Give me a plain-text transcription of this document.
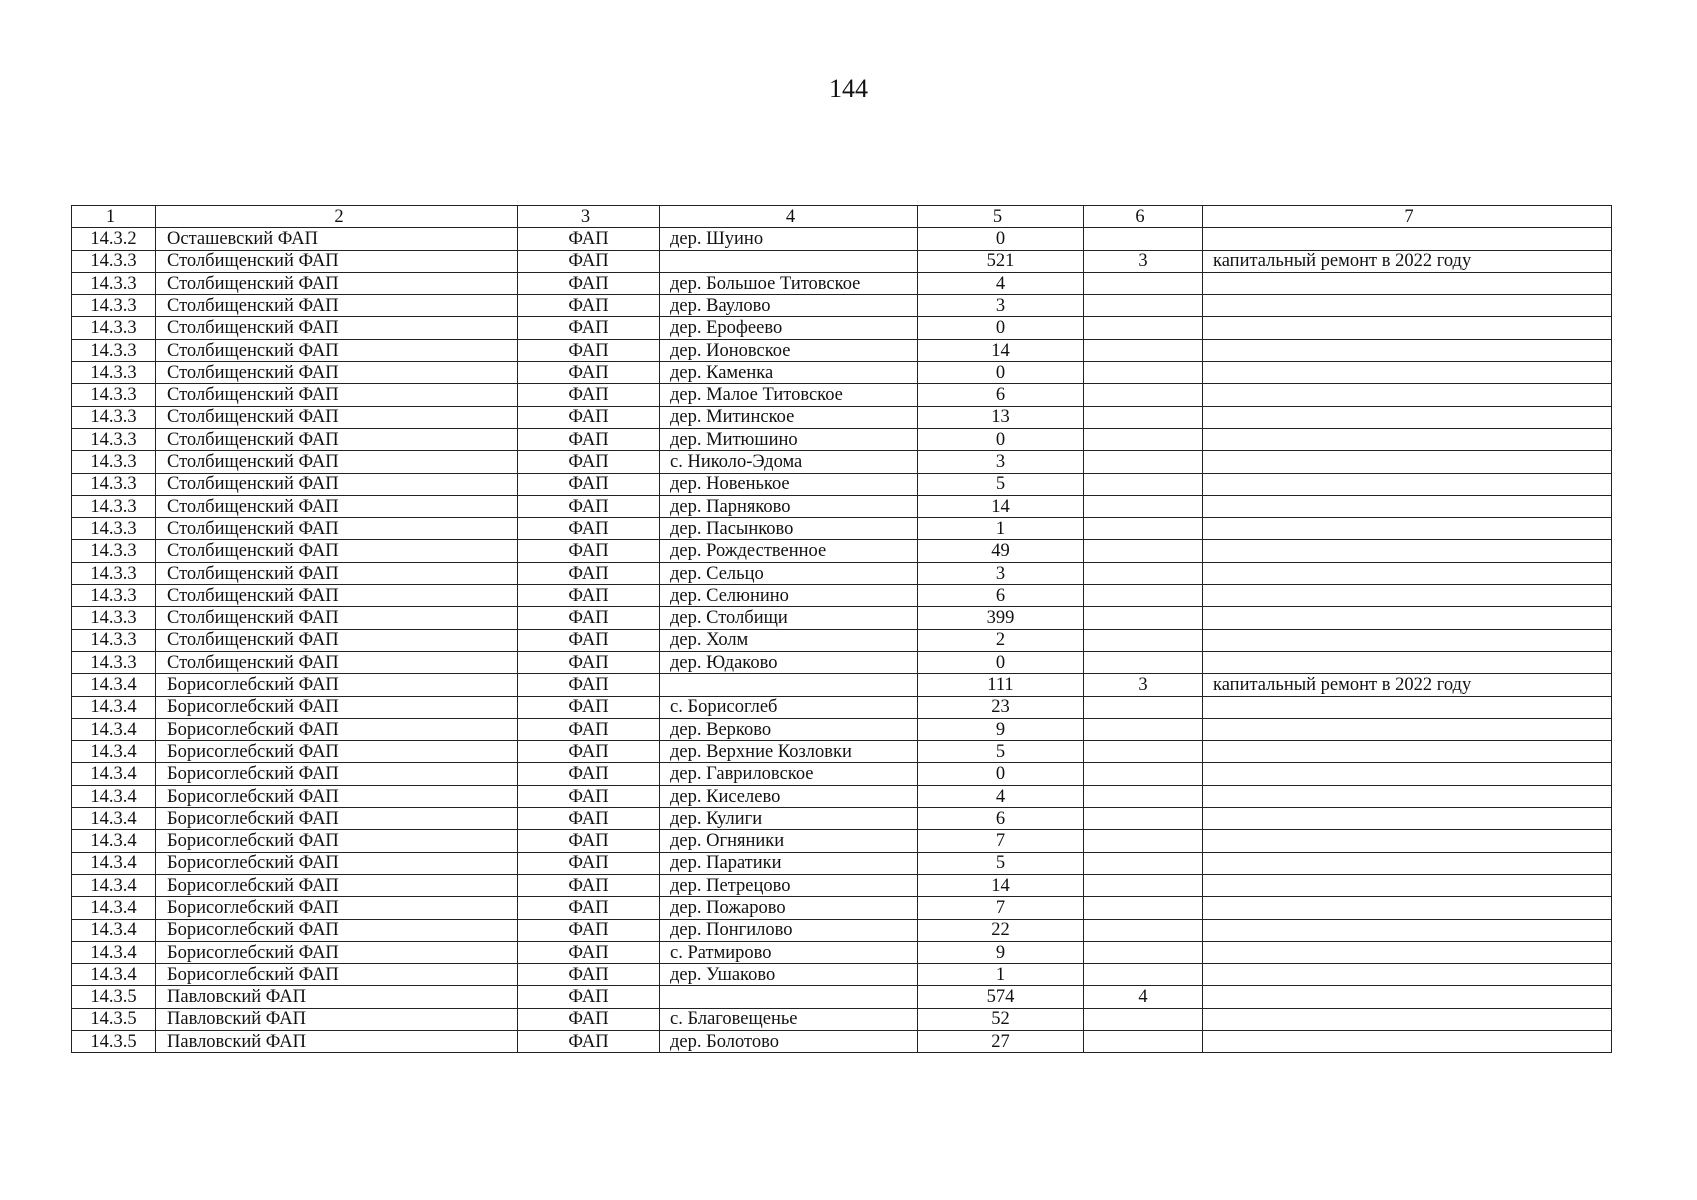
144
1	2	3	4	5	6	7
14.3.2	Осташевский ФАП	ФАП	дер. Шуино	0		
14.3.3	Столбищенский ФАП	ФАП		521	3	капитальный ремонт в 2022 году
14.3.3	Столбищенский ФАП	ФАП	дер. Большое Титовское	4		
14.3.3	Столбищенский ФАП	ФАП	дер. Ваулово	3		
14.3.3	Столбищенский ФАП	ФАП	дер. Ерофеево	0		
14.3.3	Столбищенский ФАП	ФАП	дер. Ионовское	14		
14.3.3	Столбищенский ФАП	ФАП	дер. Каменка	0		
14.3.3	Столбищенский ФАП	ФАП	дер. Малое Титовское	6		
14.3.3	Столбищенский ФАП	ФАП	дер. Митинское	13		
14.3.3	Столбищенский ФАП	ФАП	дер. Митюшино	0		
14.3.3	Столбищенский ФАП	ФАП	с. Николо-Эдома	3		
14.3.3	Столбищенский ФАП	ФАП	дер. Новенькое	5		
14.3.3	Столбищенский ФАП	ФАП	дер. Парняково	14		
14.3.3	Столбищенский ФАП	ФАП	дер. Пасынково	1		
14.3.3	Столбищенский ФАП	ФАП	дер. Рождественное	49		
14.3.3	Столбищенский ФАП	ФАП	дер. Сельцо	3		
14.3.3	Столбищенский ФАП	ФАП	дер. Селюнино	6		
14.3.3	Столбищенский ФАП	ФАП	дер. Столбищи	399		
14.3.3	Столбищенский ФАП	ФАП	дер. Холм	2		
14.3.3	Столбищенский ФАП	ФАП	дер. Юдаково	0		
14.3.4	Борисоглебский ФАП	ФАП		111	3	капитальный ремонт в 2022 году
14.3.4	Борисоглебский ФАП	ФАП	с. Борисоглеб	23		
14.3.4	Борисоглебский ФАП	ФАП	дер. Верково	9		
14.3.4	Борисоглебский ФАП	ФАП	дер. Верхние Козловки	5		
14.3.4	Борисоглебский ФАП	ФАП	дер. Гавриловское	0		
14.3.4	Борисоглебский ФАП	ФАП	дер. Киселево	4		
14.3.4	Борисоглебский ФАП	ФАП	дер. Кулиги	6		
14.3.4	Борисоглебский ФАП	ФАП	дер. Огняники	7		
14.3.4	Борисоглебский ФАП	ФАП	дер. Паратики	5		
14.3.4	Борисоглебский ФАП	ФАП	дер. Петрецово	14		
14.3.4	Борисоглебский ФАП	ФАП	дер. Пожарово	7		
14.3.4	Борисоглебский ФАП	ФАП	дер. Понгилово	22		
14.3.4	Борисоглебский ФАП	ФАП	с. Ратмирово	9		
14.3.4	Борисоглебский ФАП	ФАП	дер. Ушаково	1		
14.3.5	Павловский ФАП	ФАП		574	4	
14.3.5	Павловский ФАП	ФАП	с. Благовещенье	52		
14.3.5	Павловский ФАП	ФАП	дер. Болотово	27		
